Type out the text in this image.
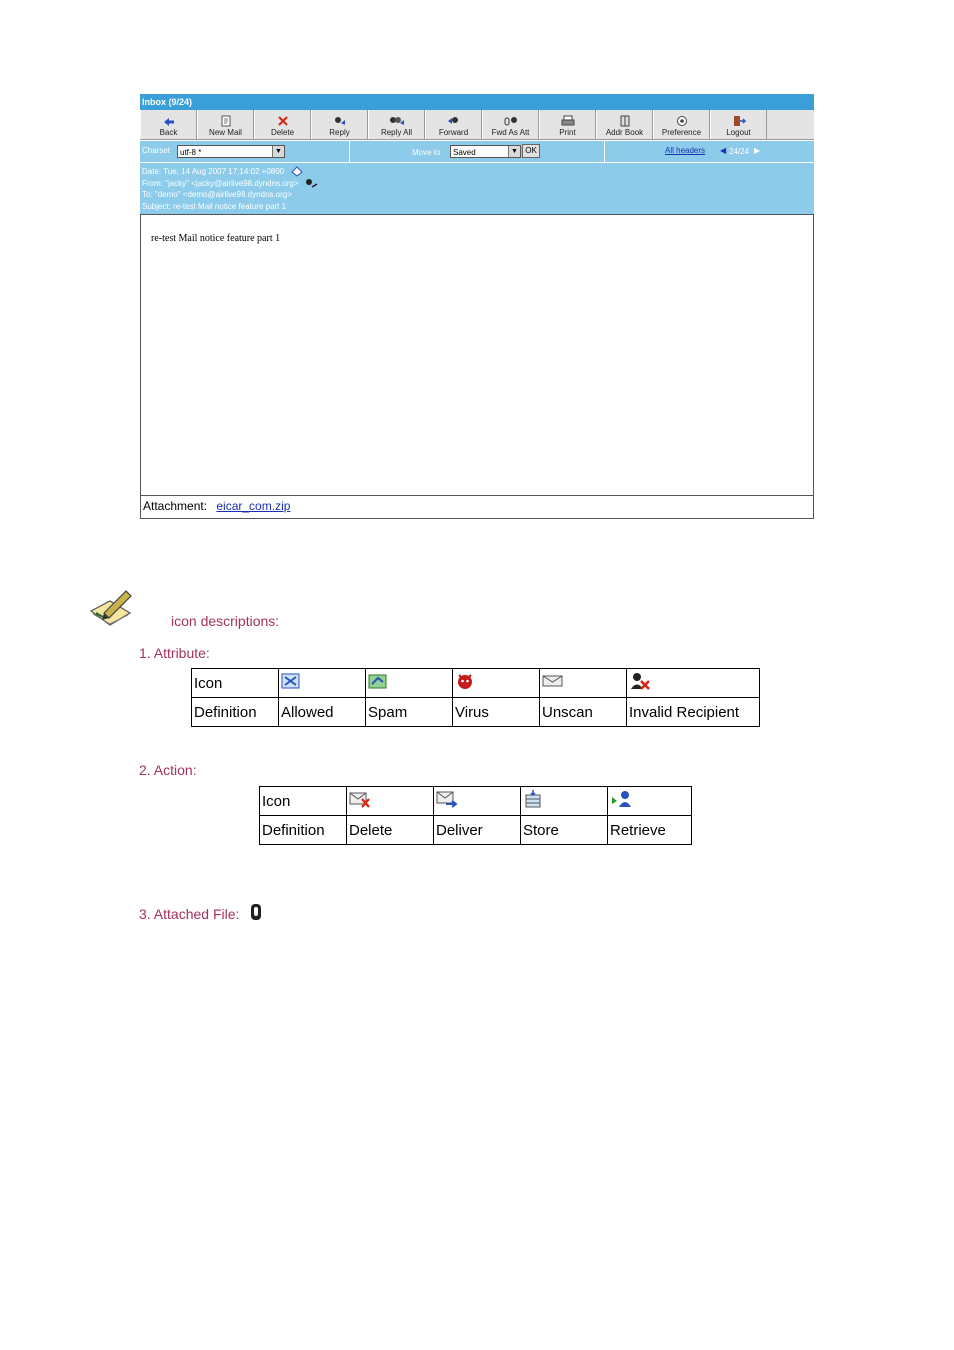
Inbox (9/24)
Back	New Mail	Delete	Reply	Reply All	Forward	Fwd As Att	Print	Addr Book Preference	Logout
Charset	utf-8 *	▼	Move to	Saved	▼ OK	All headers ◀ 24/24 ▶
Date: Tue, 14 Aug 2007 17:14:02 +0800
From: "jacky" <jacky@airlive98.dyndns.org>
To: "demo" <demo@airlive98.dyndns.org>
Subject: re-test Mail notice feature part 1
re-test Mail notice feature part 1
Attachment: eicar_com.zip
icon descriptions:
1. Attribute:
Icon					
Definition	Allowed	Spam	Virus	Unscan	Invalid Recipient
2. Action:
Icon				
Definition	Delete	Deliver	Store	Retrieve
3. Attached File:
